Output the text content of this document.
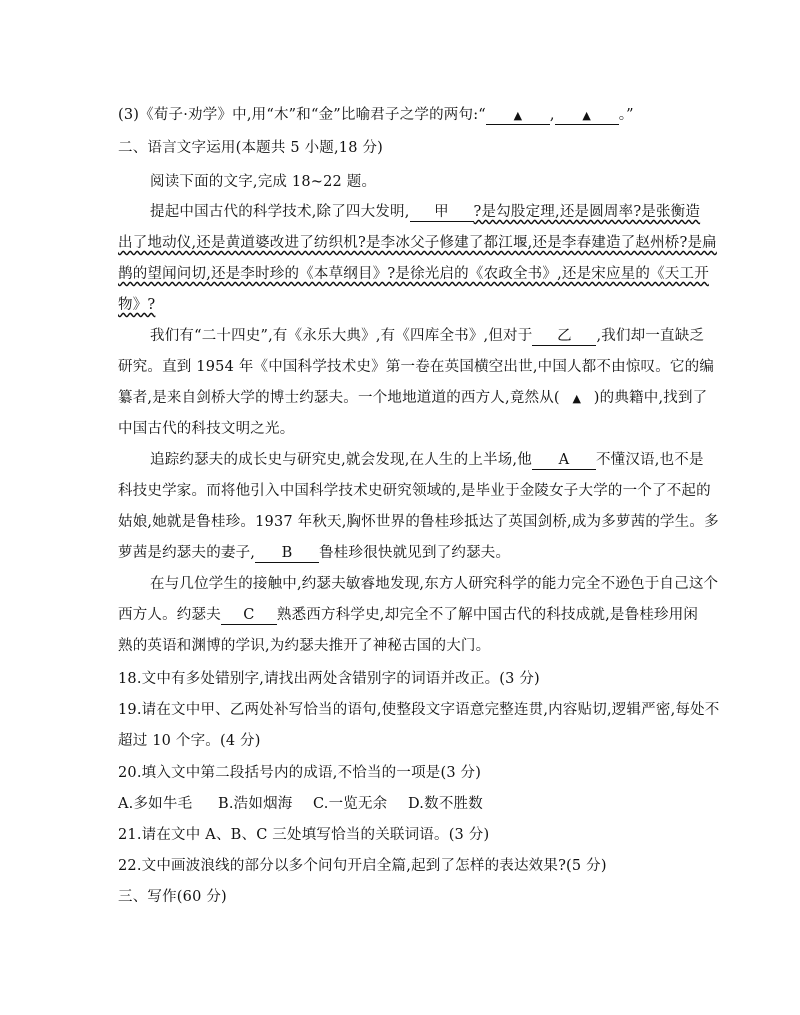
(3)《荀子·劝学》中,用“木”和“金”比喻君子之学的两句:“	▲ ,	▲ 。”
二、语言文字运用(本题共 5 小题,18 分)
阅读下面的文字,完成 18~22 题。
提起中国古代的科学技术,除了四大发明, 甲 ?是勾股定理,还是圆周率?是张衡造
出了地动仪,还是黄道婆改进了纺织机?是李冰父子修建了都江堰,还是李春建造了赵州桥?是扁
鹊的望闻问切,还是李时珍的《本草纲目》?是徐光启的《农政全书》,还是宋应星的《天工开
物》?
我们有“二十四史”,有《永乐大典》,有《四库全书》,但对于 乙 ,我们却一直缺乏
研究。直到 1954 年《中国科学技术史》第一卷在英国横空出世,中国人都不由惊叹。它的编
纂者,是来自剑桥大学的博士约瑟夫。一个地地道道的西方人,竟然从( ▲ )的典籍中,找到了
中国古代的科技文明之光。
追踪约瑟夫的成长史与研究史,就会发现,在人生的上半场,他 A 不懂汉语,也不是
科技史学家。而将他引入中国科学技术史研究领域的,是毕业于金陵女子大学的一个了不起的
姑娘,她就是鲁桂珍。1937 年秋天,胸怀世界的鲁桂珍抵达了英国剑桥,成为多萝茜的学生。多
萝茜是约瑟夫的妻子, B 鲁桂珍很快就见到了约瑟夫。
在与几位学生的接触中,约瑟夫敏睿地发现,东方人研究科学的能力完全不逊色于自己这个
西方人。约瑟夫 C 熟悉西方科学史,却完全不了解中国古代的科技成就,是鲁桂珍用闲
熟的英语和渊博的学识,为约瑟夫推开了神秘古国的大门。
18.文中有多处错别字,请找出两处含错别字的词语并改正。(3 分)
19.请在文中甲、乙两处补写恰当的语句,使整段文字语意完整连贯,内容贴切,逻辑严密,每处不
超过 10 个字。(4 分)
20.填入文中第二段括号内的成语,不恰当的一项是(3 分)
A.多如牛毛 B.浩如烟海 C.一览无余 D.数不胜数
21.请在文中 A、B、C 三处填写恰当的关联词语。(3 分)
22.文中画波浪线的部分以多个问句开启全篇,起到了怎样的表达效果?(5 分)
三、写作(60 分)
